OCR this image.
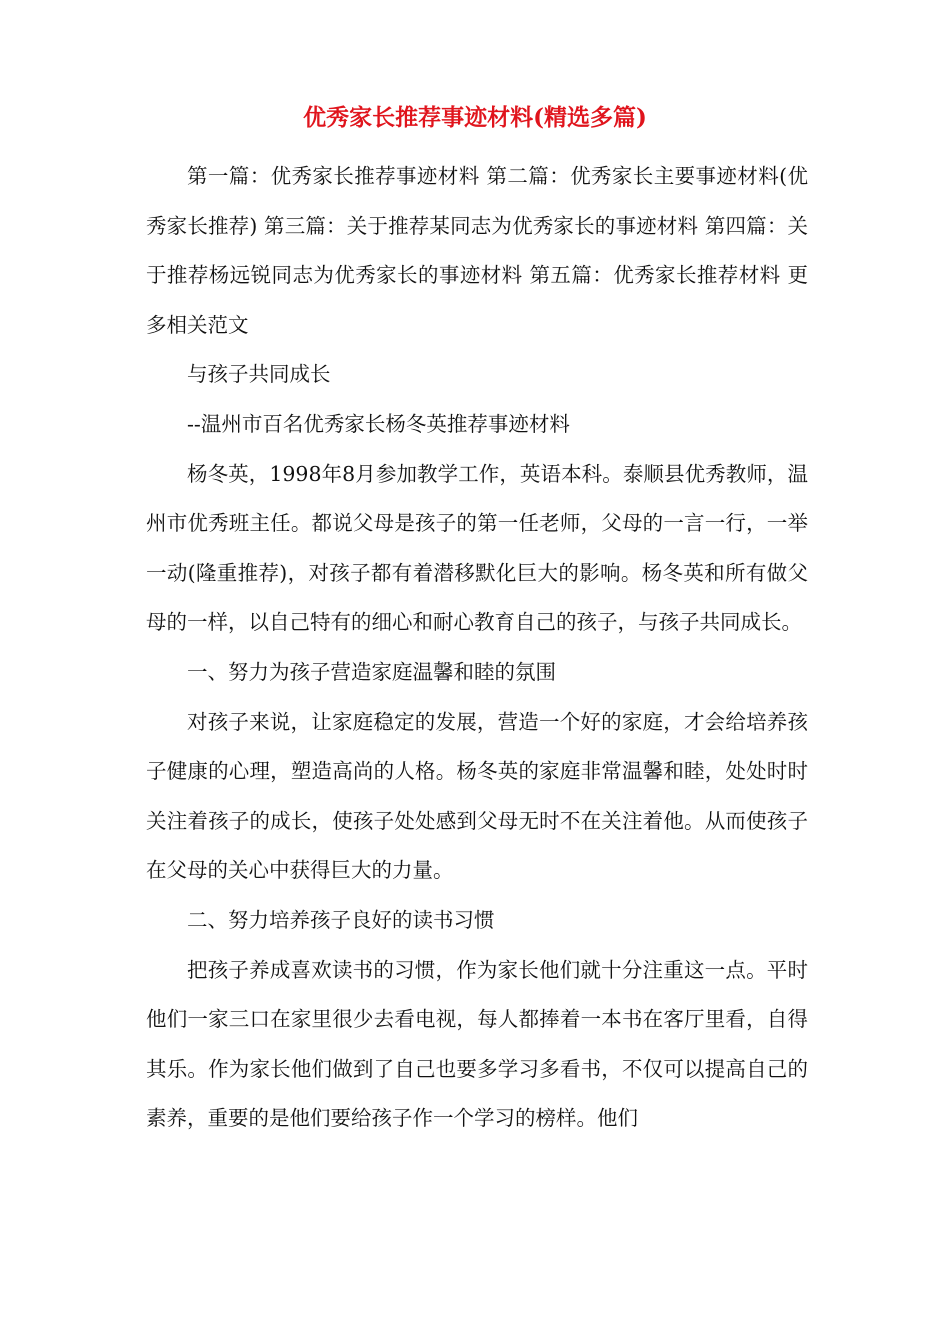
优秀家长推荐事迹材料(精选多篇)

第一篇：优秀家长推荐事迹材料 第二篇：优秀家长主要事迹材料(优秀家长推荐) 第三篇：关于推荐某同志为优秀家长的事迹材料 第四篇：关于推荐杨远锐同志为优秀家长的事迹材料 第五篇：优秀家长推荐材料 更多相关范文

与孩子共同成长

--温州市百名优秀家长杨冬英推荐事迹材料

杨冬英，1998年8月参加教学工作，英语本科。泰顺县优秀教师，温州市优秀班主任。都说父母是孩子的第一任老师，父母的一言一行，一举一动(隆重推荐)，对孩子都有着潜移默化巨大的影响。杨冬英和所有做父母的一样，以自己特有的细心和耐心教育自己的孩子，与孩子共同成长。

一、努力为孩子营造家庭温馨和睦的氛围

对孩子来说，让家庭稳定的发展，营造一个好的家庭，才会给培养孩子健康的心理，塑造高尚的人格。杨冬英的家庭非常温馨和睦，处处时时关注着孩子的成长，使孩子处处感到父母无时不在关注着他。从而使孩子在父母的关心中获得巨大的力量。

二、努力培养孩子良好的读书习惯

把孩子养成喜欢读书的习惯，作为家长他们就十分注重这一点。平时他们一家三口在家里很少去看电视，每人都捧着一本书在客厅里看，自得其乐。作为家长他们做到了自己也要多学习多看书，不仅可以提高自己的素养，重要的是他们要给孩子作一个学习的榜样。他们
